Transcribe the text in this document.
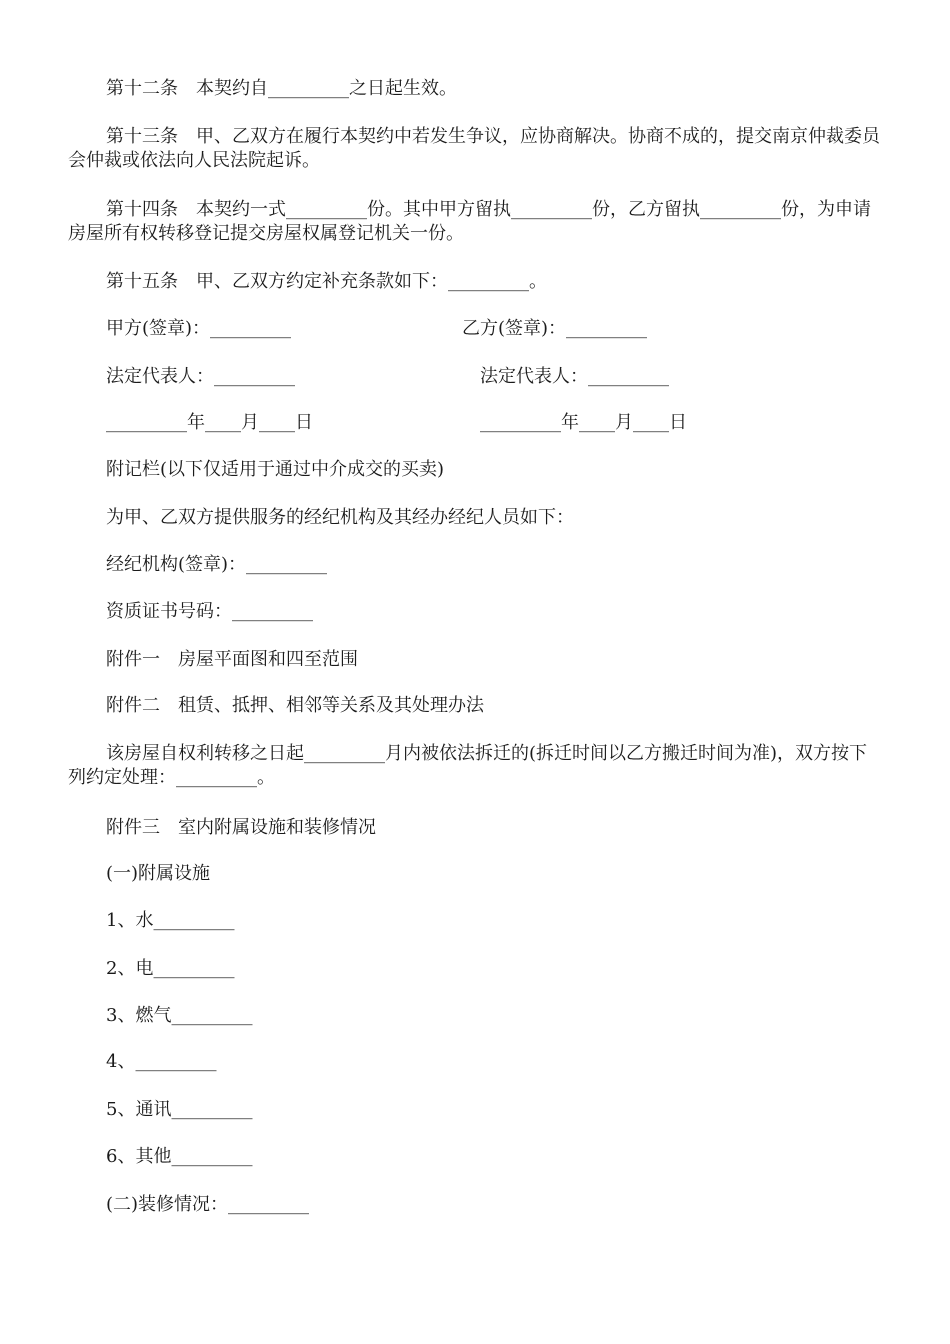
第十二条　本契约自_________之日起生效。

第十三条　甲、乙双方在履行本契约中若发生争议，应协商解决。协商不成的，提交南京仲裁委员会仲裁或依法向人民法院起诉。

第十四条　本契约一式_________份。其中甲方留执_________份，乙方留执_________份，为申请房屋所有权转移登记提交房屋权属登记机关一份。

第十五条　甲、乙双方约定补充条款如下：_________。

甲方(签章)：_________	乙方(签章)：_________

法定代表人：_________	法定代表人：_________

_________年____月____日	_________年____月____日

附记栏(以下仅适用于通过中介成交的买卖)

为甲、乙双方提供服务的经纪机构及其经办经纪人员如下：

经纪机构(签章)：_________

资质证书号码：_________

附件一　房屋平面图和四至范围

附件二　租赁、抵押、相邻等关系及其处理办法

该房屋自权利转移之日起_________月内被依法拆迁的(拆迁时间以乙方搬迁时间为准)，双方按下列约定处理：_________。

附件三　室内附属设施和装修情况

(一)附属设施

1、水_________

2、电_________

3、燃气_________

4、_________

5、通讯_________

6、其他_________

(二)装修情况：_________
